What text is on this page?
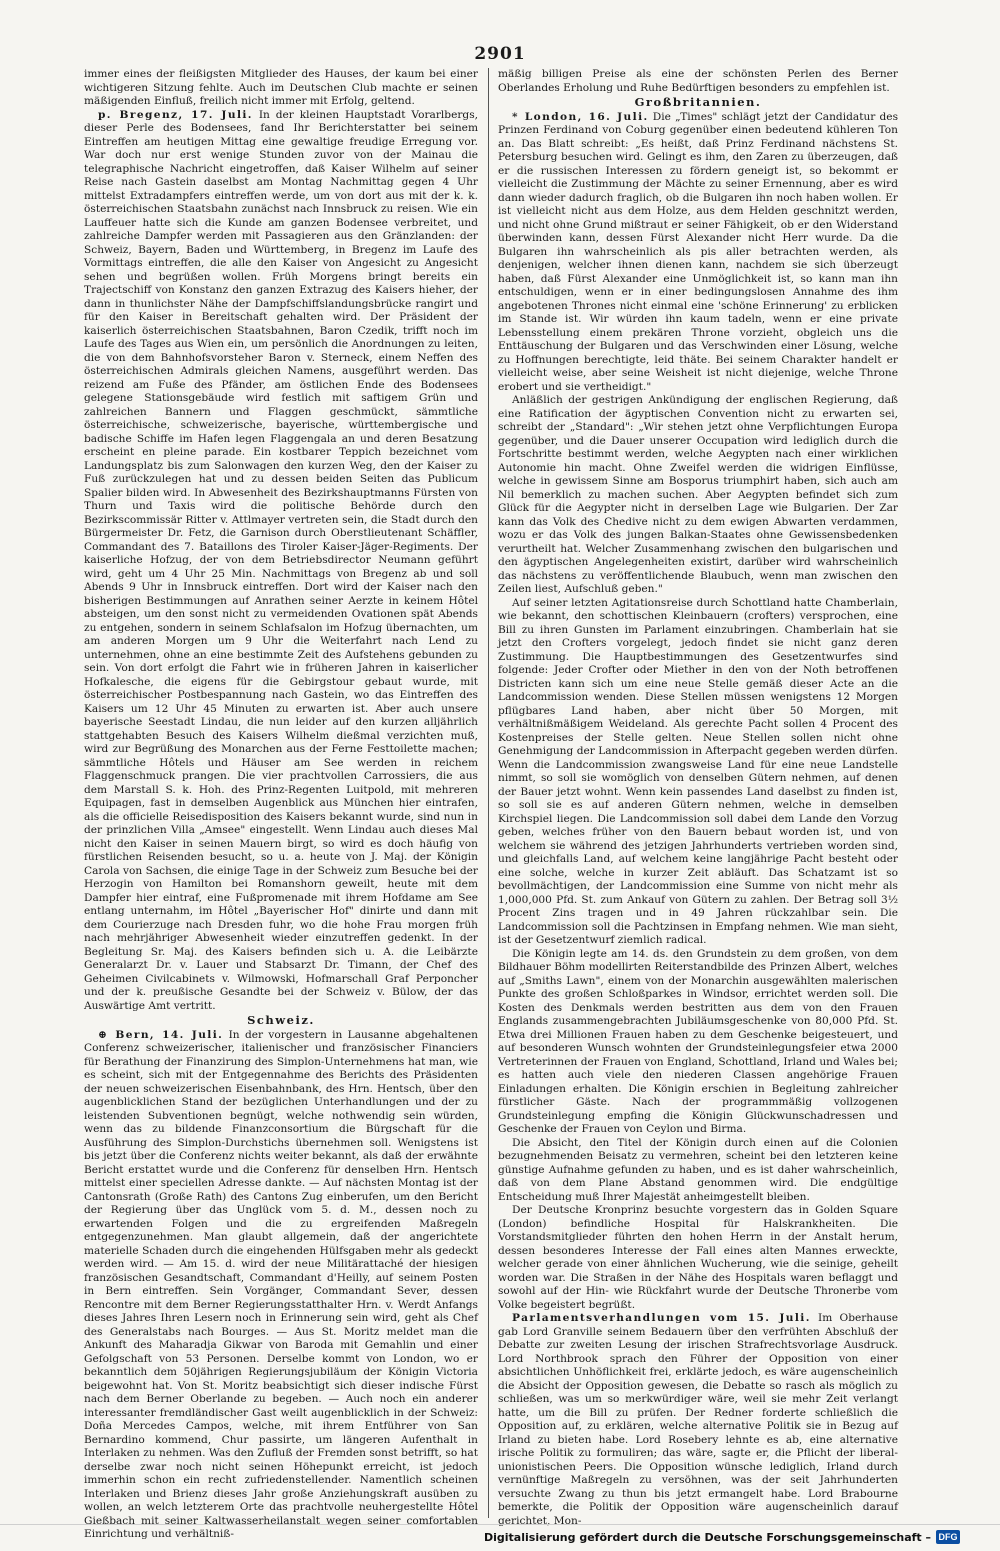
2901

immer eines der fleißigsten Mitglieder des Hauses, der kaum bei einer wichtigeren Sitzung fehlte. Auch im Deutschen Club machte er seinen mäßigenden Einfluß, freilich nicht immer mit Erfolg, geltend.

p. Bregenz, 17. Juli. In der kleinen Hauptstadt Vorarlbergs, dieser Perle des Bodensees, fand Ihr Berichterstatter bei seinem Eintreffen am heutigen Mittag eine gewaltige freudige Erregung vor. War doch nur erst wenige Stunden zuvor von der Mainau die telegraphische Nachricht eingetroffen, daß Kaiser Wilhelm auf seiner Reise nach Gastein daselbst am Montag Nachmittag gegen 4 Uhr mittelst Extradampfers eintreffen werde, um von dort aus mit der k. k. österreichischen Staatsbahn zunächst nach Innsbruck zu reisen. Wie ein Lauffeuer hatte sich die Kunde am ganzen Bodensee verbreitet, und zahlreiche Dampfer werden mit Passagieren aus den Gränzlanden: der Schweiz, Bayern, Baden und Württemberg, in Bregenz im Laufe des Vormittags eintreffen, die alle den Kaiser von Angesicht zu Angesicht sehen und begrüßen wollen. Früh Morgens bringt bereits ein Trajectschiff von Konstanz den ganzen Extrazug des Kaisers hieher, der dann in thunlichster Nähe der Dampfschiffslandungsbrücke rangirt und für den Kaiser in Bereitschaft gehalten wird. Der Präsident der kaiserlich österreichischen Staatsbahnen, Baron Czedik, trifft noch im Laufe des Tages aus Wien ein, um persönlich die Anordnungen zu leiten, die von dem Bahnhofsvorsteher Baron v. Sterneck, einem Neffen des österreichischen Admirals gleichen Namens, ausgeführt werden. Das reizend am Fuße des Pfänder, am östlichen Ende des Bodensees gelegene Stationsgebäude wird festlich mit saftigem Grün und zahlreichen Bannern und Flaggen geschmückt, sämmtliche österreichische, schweizerische, bayerische, württembergische und badische Schiffe im Hafen legen Flaggengala an und deren Besatzung erscheint en pleine parade. Ein kostbarer Teppich bezeichnet vom Landungsplatz bis zum Salonwagen den kurzen Weg, den der Kaiser zu Fuß zurückzulegen hat und zu dessen beiden Seiten das Publicum Spalier bilden wird. In Abwesenheit des Bezirkshauptmanns Fürsten von Thurn und Taxis wird die politische Behörde durch den Bezirkscommissär Ritter v. Attlmayer vertreten sein, die Stadt durch den Bürgermeister Dr. Fetz, die Garnison durch Oberstlieutenant Schäffler, Commandant des 7. Bataillons des Tiroler Kaiser-Jäger-Regiments. Der kaiserliche Hofzug, der von dem Betriebsdirector Neumann geführt wird, geht um 4 Uhr 25 Min. Nachmittags von Bregenz ab und soll Abends 9 Uhr in Innsbruck eintreffen. Dort wird der Kaiser nach den bisherigen Bestimmungen auf Anrathen seiner Aerzte in keinem Hôtel absteigen, um den sonst nicht zu vermeidenden Ovationen spät Abends zu entgehen, sondern in seinem Schlafsalon im Hofzug übernachten, um am anderen Morgen um 9 Uhr die Weiterfahrt nach Lend zu unternehmen, ohne an eine bestimmte Zeit des Aufstehens gebunden zu sein. Von dort erfolgt die Fahrt wie in früheren Jahren in kaiserlicher Hofkalesche, die eigens für die Gebirgstour gebaut wurde, mit österreichischer Postbespannung nach Gastein, wo das Eintreffen des Kaisers um 12 Uhr 45 Minuten zu erwarten ist. Aber auch unsere bayerische Seestadt Lindau, die nun leider auf den kurzen alljährlich stattgehabten Besuch des Kaisers Wilhelm dießmal verzichten muß, wird zur Begrüßung des Monarchen aus der Ferne Festtoilette machen; sämmtliche Hôtels und Häuser am See werden in reichem Flaggenschmuck prangen. Die vier prachtvollen Carrossiers, die aus dem Marstall S. k. Hoh. des Prinz-Regenten Luitpold, mit mehreren Equipagen, fast in demselben Augenblick aus München hier eintrafen, als die officielle Reisedisposition des Kaisers bekannt wurde, sind nun in der prinzlichen Villa „Amsee" eingestellt. Wenn Lindau auch dieses Mal nicht den Kaiser in seinen Mauern birgt, so wird es doch häufig von fürstlichen Reisenden besucht, so u. a. heute von J. Maj. der Königin Carola von Sachsen, die einige Tage in der Schweiz zum Besuche bei der Herzogin von Hamilton bei Romanshorn geweilt, heute mit dem Dampfer hier eintraf, eine Fußpromenade mit ihrem Hofdame am See entlang unternahm, im Hôtel „Bayerischer Hof" dinirte und dann mit dem Courierzuge nach Dresden fuhr, wo die hohe Frau morgen früh nach mehrjähriger Abwesenheit wieder einzutreffen gedenkt. In der Begleitung Sr. Maj. des Kaisers befinden sich u. A. die Leibärzte Generalarzt Dr. v. Lauer und Stabsarzt Dr. Timann, der Chef des Geheimen Civilcabinets v. Wilmowski, Hofmarschall Graf Perponcher und der k. preußische Gesandte bei der Schweiz v. Bülow, der das Auswärtige Amt vertritt.

Schweiz.

⊕ Bern, 14. Juli. In der vorgestern in Lausanne abgehaltenen Conferenz schweizerischer, italienischer und französischer Financiers für Berathung der Finanzirung des Simplon-Unternehmens hat man, wie es scheint, sich mit der Entgegennahme des Berichts des Präsidenten der neuen schweizerischen Eisenbahnbank, des Hrn. Hentsch, über den augenblicklichen Stand der bezüglichen Unterhandlungen und der zu leistenden Subventionen begnügt, welche nothwendig sein würden, wenn das zu bildende Finanzconsortium die Bürgschaft für die Ausführung des Simplon-Durchstichs übernehmen soll. Wenigstens ist bis jetzt über die Conferenz nichts weiter bekannt, als daß der erwähnte Bericht erstattet wurde und die Conferenz für denselben Hrn. Hentsch mittelst einer speciellen Adresse dankte. — Auf nächsten Montag ist der Cantonsrath (Große Rath) des Cantons Zug einberufen, um den Bericht der Regierung über das Unglück vom 5. d. M., dessen noch zu erwartenden Folgen und die zu ergreifenden Maßregeln entgegenzunehmen. Man glaubt allgemein, daß der angerichtete materielle Schaden durch die eingehenden Hülfsgaben mehr als gedeckt werden wird. — Am 15. d. wird der neue Militärattaché der hiesigen französischen Gesandtschaft, Commandant d'Heilly, auf seinem Posten in Bern eintreffen. Sein Vorgänger, Commandant Sever, dessen Rencontre mit dem Berner Regierungsstatthalter Hrn. v. Werdt Anfangs dieses Jahres Ihren Lesern noch in Erinnerung sein wird, geht als Chef des Generalstabs nach Bourges. — Aus St. Moritz meldet man die Ankunft des Maharadja Gikwar von Baroda mit Gemahlin und einer Gefolgschaft von 53 Personen. Derselbe kommt von London, wo er bekanntlich dem 50jährigen Regierungsjubiläum der Königin Victoria beigewohnt hat. Von St. Moritz beabsichtigt sich dieser indische Fürst nach dem Berner Oberlande zu begeben. — Auch noch ein anderer interessanter fremdländischer Gast weilt augenblicklich in der Schweiz: Doña Mercedes Campos, welche, mit ihrem Entführer von San Bernardino kommend, Chur passirte, um längeren Aufenthalt in Interlaken zu nehmen. Was den Zufluß der Fremden sonst betrifft, so hat derselbe zwar noch nicht seinen Höhepunkt erreicht, ist jedoch immerhin schon ein recht zufriedenstellender. Namentlich scheinen Interlaken und Brienz dieses Jahr große Anziehungskraft ausüben zu wollen, an welch letzterem Orte das prachtvolle neuhergestellte Hôtel Gießbach mit seiner Kaltwasserheilanstalt wegen seiner comfortablen Einrichtung und verhältniß-

mäßig billigen Preise als eine der schönsten Perlen des Berner Oberlandes Erholung und Ruhe Bedürftigen besonders zu empfehlen ist.

Großbritannien.

* London, 16. Juli. Die „Times" schlägt jetzt der Candidatur des Prinzen Ferdinand von Coburg gegenüber einen bedeutend kühleren Ton an. Das Blatt schreibt: „Es heißt, daß Prinz Ferdinand nächstens St. Petersburg besuchen wird. Gelingt es ihm, den Zaren zu überzeugen, daß er die russischen Interessen zu fördern geneigt ist, so bekommt er vielleicht die Zustimmung der Mächte zu seiner Ernennung, aber es wird dann wieder dadurch fraglich, ob die Bulgaren ihn noch haben wollen. Er ist vielleicht nicht aus dem Holze, aus dem Helden geschnitzt werden, und nicht ohne Grund mißtraut er seiner Fähigkeit, ob er den Widerstand überwinden kann, dessen Fürst Alexander nicht Herr wurde. Da die Bulgaren ihn wahrscheinlich als pis aller betrachten werden, als denjenigen, welcher ihnen dienen kann, nachdem sie sich überzeugt haben, daß Fürst Alexander eine Unmöglichkeit ist, so kann man ihn entschuldigen, wenn er in einer bedingungslosen Annahme des ihm angebotenen Thrones nicht einmal eine 'schöne Erinnerung' zu erblicken im Stande ist. Wir würden ihn kaum tadeln, wenn er eine private Lebensstellung einem prekären Throne vorzieht, obgleich uns die Enttäuschung der Bulgaren und das Verschwinden einer Lösung, welche zu Hoffnungen berechtigte, leid thäte. Bei seinem Charakter handelt er vielleicht weise, aber seine Weisheit ist nicht diejenige, welche Throne erobert und sie vertheidigt."

Anläßlich der gestrigen Ankündigung der englischen Regierung, daß eine Ratification der ägyptischen Convention nicht zu erwarten sei, schreibt der „Standard": „Wir stehen jetzt ohne Verpflichtungen Europa gegenüber, und die Dauer unserer Occupation wird lediglich durch die Fortschritte bestimmt werden, welche Aegypten nach einer wirklichen Autonomie hin macht. Ohne Zweifel werden die widrigen Einflüsse, welche in gewissem Sinne am Bosporus triumphirt haben, sich auch am Nil bemerklich zu machen suchen. Aber Aegypten befindet sich zum Glück für die Aegypter nicht in derselben Lage wie Bulgarien. Der Zar kann das Volk des Chedive nicht zu dem ewigen Abwarten verdammen, wozu er das Volk des jungen Balkan-Staates ohne Gewissensbedenken verurtheilt hat. Welcher Zusammenhang zwischen den bulgarischen und den ägyptischen Angelegenheiten existirt, darüber wird wahrscheinlich das nächstens zu veröffentlichende Blaubuch, wenn man zwischen den Zeilen liest, Aufschluß geben."

Auf seiner letzten Agitationsreise durch Schottland hatte Chamberlain, wie bekannt, den schottischen Kleinbauern (crofters) versprochen, eine Bill zu ihren Gunsten im Parlament einzubringen. Chamberlain hat sie jetzt den Crofters vorgelegt, jedoch findet sie nicht ganz deren Zustimmung. Die Hauptbestimmungen des Gesetzentwurfes sind folgende: Jeder Crofter oder Miether in den von der Noth betroffenen Districten kann sich um eine neue Stelle gemäß dieser Acte an die Landcommission wenden. Diese Stellen müssen wenigstens 12 Morgen pflügbares Land haben, aber nicht über 50 Morgen, mit verhältnißmäßigem Weideland. Als gerechte Pacht sollen 4 Procent des Kostenpreises der Stelle gelten. Neue Stellen sollen nicht ohne Genehmigung der Landcommission in Afterpacht gegeben werden dürfen. Wenn die Landcommission zwangsweise Land für eine neue Landstelle nimmt, so soll sie womöglich von denselben Gütern nehmen, auf denen der Bauer jetzt wohnt. Wenn kein passendes Land daselbst zu finden ist, so soll sie es auf anderen Gütern nehmen, welche in demselben Kirchspiel liegen. Die Landcommission soll dabei dem Lande den Vorzug geben, welches früher von den Bauern bebaut worden ist, und von welchem sie während des jetzigen Jahrhunderts vertrieben worden sind, und gleichfalls Land, auf welchem keine langjährige Pacht besteht oder eine solche, welche in kurzer Zeit abläuft. Das Schatzamt ist so bevollmächtigen, der Landcommission eine Summe von nicht mehr als 1,000,000 Pfd. St. zum Ankauf von Gütern zu zahlen. Der Betrag soll 3½ Procent Zins tragen und in 49 Jahren rückzahlbar sein. Die Landcommission soll die Pachtzinsen in Empfang nehmen. Wie man sieht, ist der Gesetzentwurf ziemlich radical.

Die Königin legte am 14. ds. den Grundstein zu dem großen, von dem Bildhauer Böhm modellirten Reiterstandbilde des Prinzen Albert, welches auf „Smiths Lawn", einem von der Monarchin ausgewählten malerischen Punkte des großen Schloßparkes in Windsor, errichtet werden soll. Die Kosten des Denkmals werden bestritten aus dem von den Frauen Englands zusammengebrachten Jubiläumsgeschenke von 80,000 Pfd. St. Etwa drei Millionen Frauen haben zu dem Geschenke beigesteuert, und auf besonderen Wunsch wohnten der Grundsteinlegungsfeier etwa 2000 Vertreterinnen der Frauen von England, Schottland, Irland und Wales bei; es hatten auch viele den niederen Classen angehörige Frauen Einladungen erhalten. Die Königin erschien in Begleitung zahlreicher fürstlicher Gäste. Nach der programmmäßig vollzogenen Grundsteinlegung empfing die Königin Glückwunschadressen und Geschenke der Frauen von Ceylon und Birma.

Die Absicht, den Titel der Königin durch einen auf die Colonien bezugnehmenden Beisatz zu vermehren, scheint bei den letzteren keine günstige Aufnahme gefunden zu haben, und es ist daher wahrscheinlich, daß von dem Plane Abstand genommen wird. Die endgültige Entscheidung muß Ihrer Majestät anheimgestellt bleiben.

Der Deutsche Kronprinz besuchte vorgestern das in Golden Square (London) befindliche Hospital für Halskrankheiten. Die Vorstandsmitglieder führten den hohen Herrn in der Anstalt herum, dessen besonderes Interesse der Fall eines alten Mannes erweckte, welcher gerade von einer ähnlichen Wucherung, wie die seinige, geheilt worden war. Die Straßen in der Nähe des Hospitals waren beflaggt und sowohl auf der Hin- wie Rückfahrt wurde der Deutsche Thronerbe vom Volke begeistert begrüßt.

Parlamentsverhandlungen vom 15. Juli. Im Oberhause gab Lord Granville seinem Bedauern über den verfrühten Abschluß der Debatte zur zweiten Lesung der irischen Strafrechtsvorlage Ausdruck. Lord Northbrook sprach den Führer der Opposition von einer absichtlichen Unhöflichkeit frei, erklärte jedoch, es wäre augenscheinlich die Absicht der Opposition gewesen, die Debatte so rasch als möglich zu schließen, was um so merkwürdiger wäre, weil sie mehr Zeit verlangt hatte, um die Bill zu prüfen. Der Redner forderte schließlich die Opposition auf, zu erklären, welche alternative Politik sie in Bezug auf Irland zu bieten habe. Lord Rosebery lehnte es ab, eine alternative irische Politik zu formuliren; das wäre, sagte er, die Pflicht der liberal-unionistischen Peers. Die Opposition wünsche lediglich, Irland durch vernünftige Maßregeln zu versöhnen, was der seit Jahrhunderten versuchte Zwang zu thun bis jetzt ermangelt habe. Lord Brabourne bemerkte, die Politik der Opposition wäre augenscheinlich darauf gerichtet, Mon-

Digitalisierung gefördert durch die Deutsche Forschungsgemeinschaft – DFG
